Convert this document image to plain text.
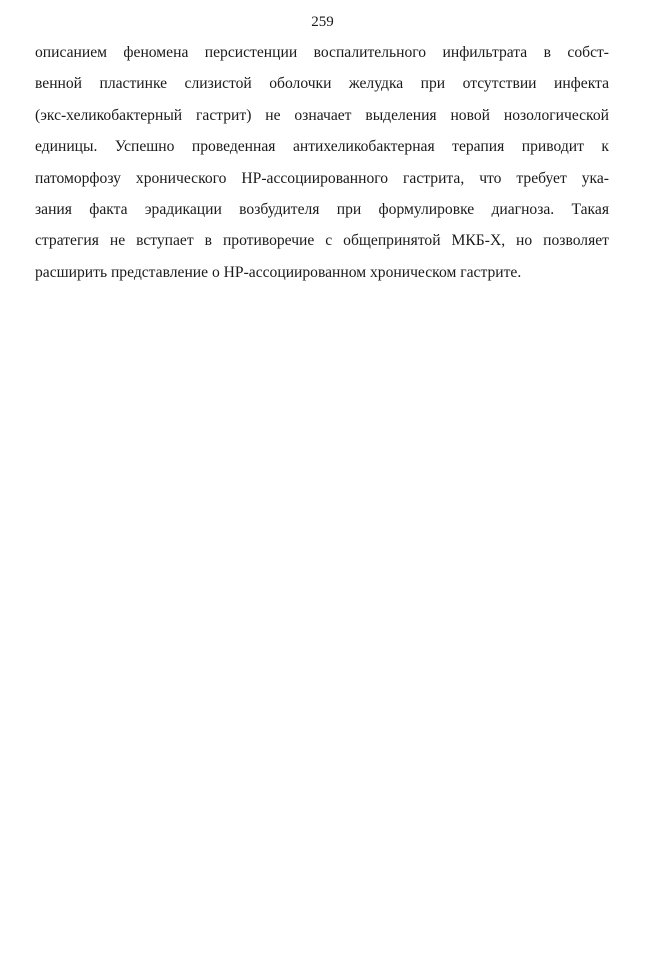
259
описанием феномена персистенции воспалительного инфильтрата в собст-
венной пластинке слизистой оболочки желудка при отсутствии инфекта
(экс-хеликобактерный гастрит) не означает выделения новой нозологической
единицы. Успешно проведенная антихеликобактерная терапия приводит к
патоморфозу хронического НР-ассоциированного гастрита, что требует ука-
зания факта эрадикации возбудителя при формулировке диагноза. Такая
стратегия не вступает в противоречие с общепринятой МКБ-Х, но позволяет
расширить представление о НР-ассоциированном хроническом гастрите.
